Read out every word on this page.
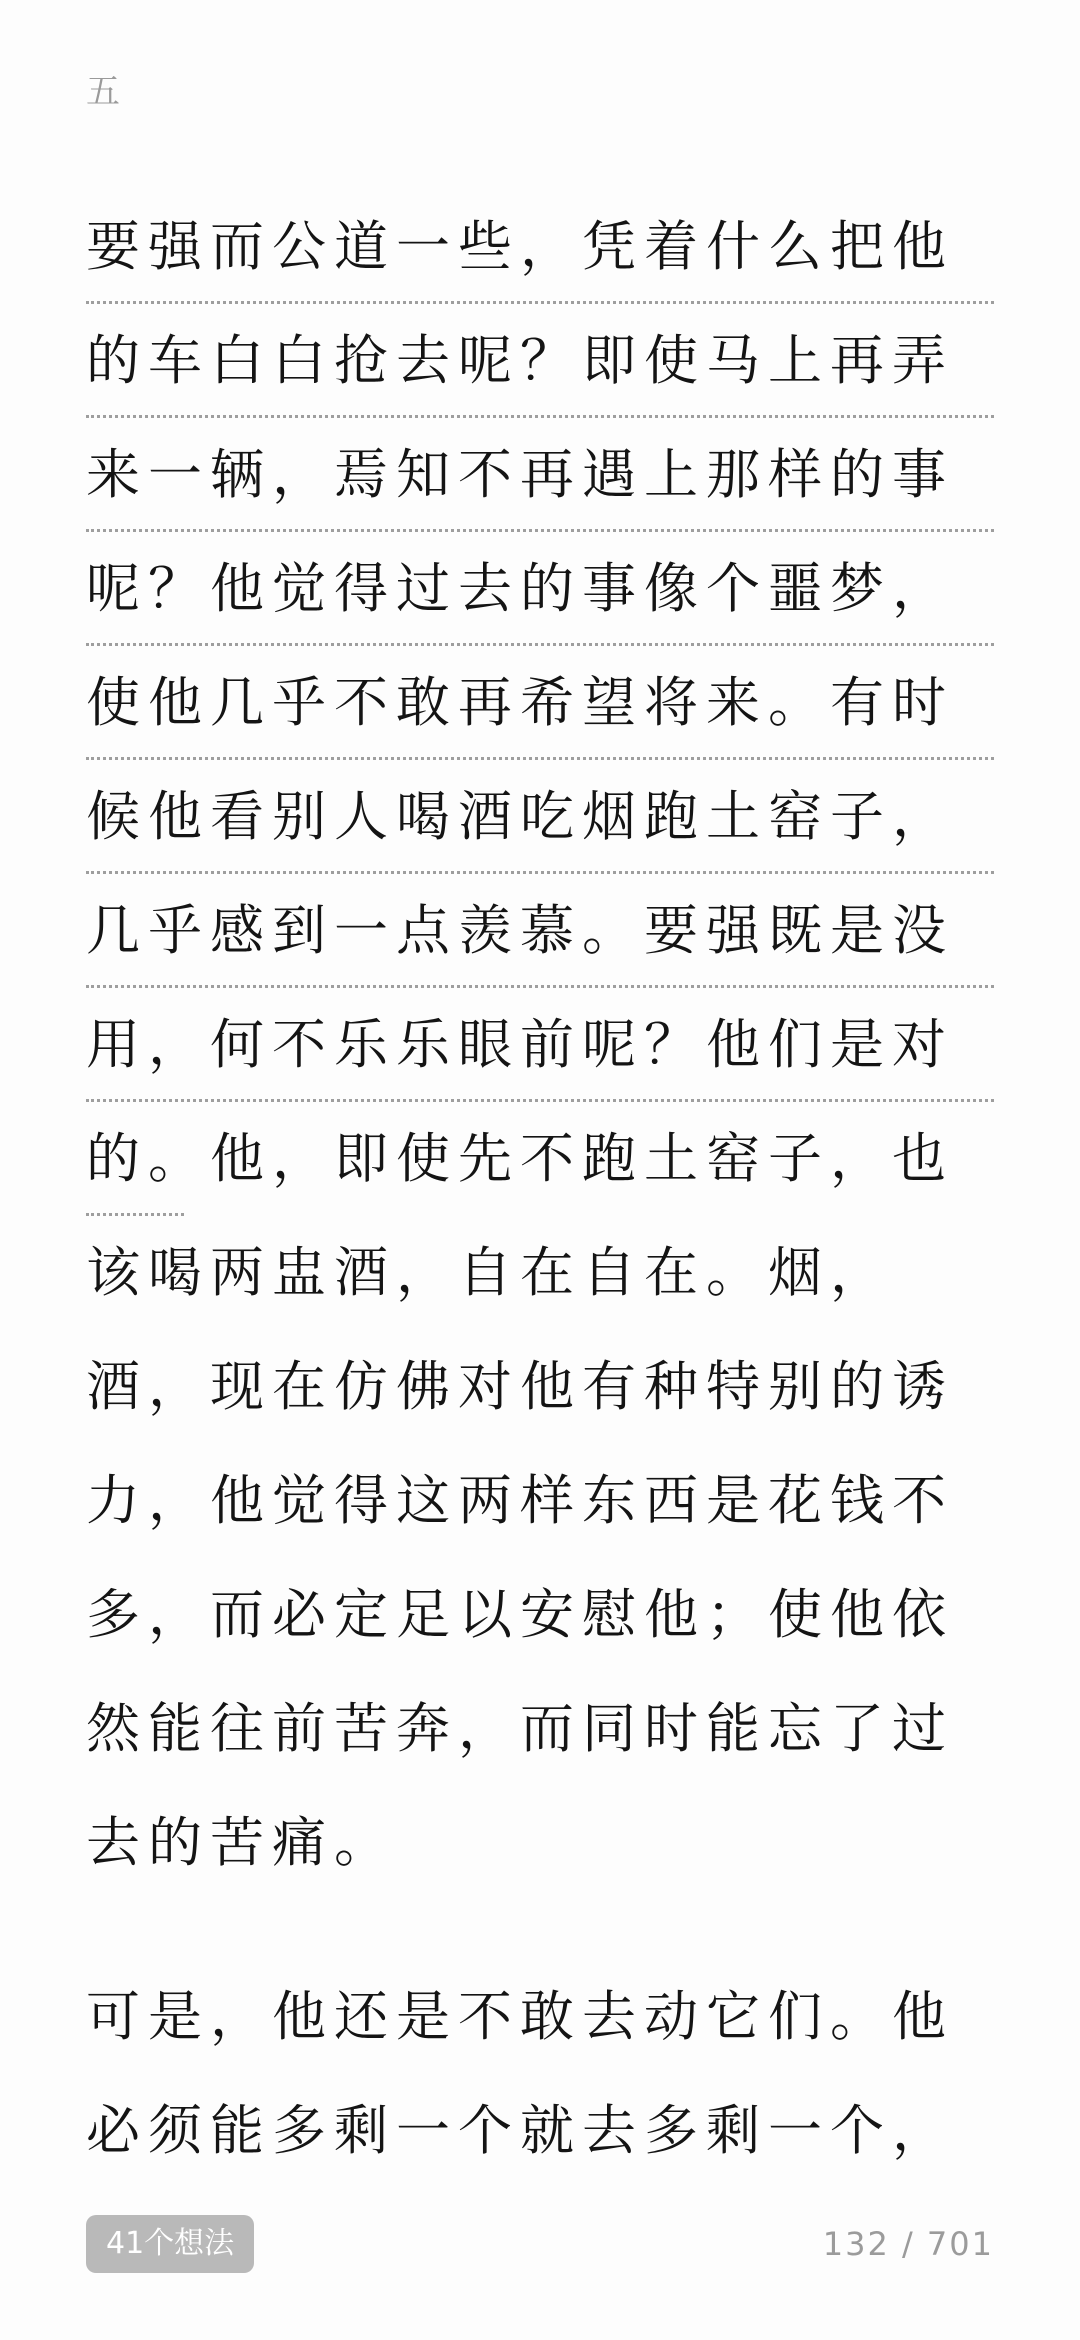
五
要强而公道一些，凭着什么把他
的车白白抢去呢？即使马上再弄
来一辆，焉知不再遇上那样的事
呢？他觉得过去的事像个噩梦，
使他几乎不敢再希望将来。有时
候他看别人喝酒吃烟跑土窑子，
几乎感到一点羡慕。要强既是没
用，何不乐乐眼前呢？他们是对
的。他，即使先不跑土窑子，也
该喝两盅酒，自在自在。烟，
酒，现在仿佛对他有种特别的诱
力，他觉得这两样东西是花钱不
多，而必定足以安慰他；使他依
然能往前苦奔，而同时能忘了过
去的苦痛。
可是，他还是不敢去动它们。他
必须能多剩一个就去多剩一个，
41个想法	132 / 701
